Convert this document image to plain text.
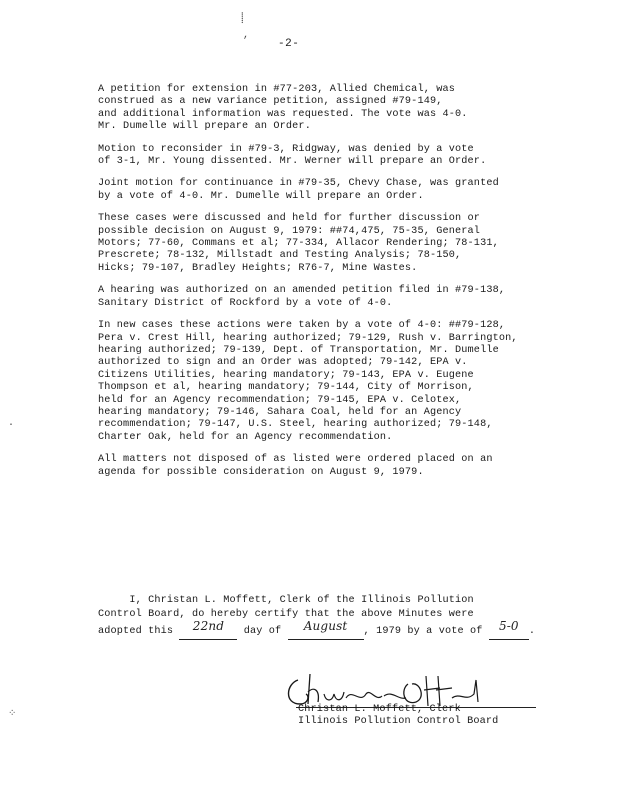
⸽
,
.
⁘
-2-

A petition for extension in #77-203, Allied Chemical, was
construed as a new variance petition, assigned #79-149,
and additional information was requested. The vote was 4-0.
Mr. Dumelle will prepare an Order.

Motion to reconsider in #79-3, Ridgway, was denied by a vote
of 3-1, Mr. Young dissented. Mr. Werner will prepare an Order.

Joint motion for continuance in #79-35, Chevy Chase, was granted
by a vote of 4-0. Mr. Dumelle will prepare an Order.

These cases were discussed and held for further discussion or
possible decision on August 9, 1979: ##74,475, 75-35, General
Motors; 77-60, Commans et al; 77-334, Allacor Rendering; 78-131,
Prescrete; 78-132, Millstadt and Testing Analysis; 78-150,
Hicks; 79-107, Bradley Heights; R76-7, Mine Wastes.

A hearing was authorized on an amended petition filed in #79-138,
Sanitary District of Rockford by a vote of 4-0.

In new cases these actions were taken by a vote of 4-0: ##79-128,
Pera v. Crest Hill, hearing authorized; 79-129, Rush v. Barrington,
hearing authorized; 79-139, Dept. of Transportation, Mr. Dumelle
authorized to sign and an Order was adopted; 79-142, EPA v.
Citizens Utilities, hearing mandatory; 79-143, EPA v. Eugene
Thompson et al, hearing mandatory; 79-144, City of Morrison,
held for an Agency recommendation; 79-145, EPA v. Celotex,
hearing mandatory; 79-146, Sahara Coal, held for an Agency
recommendation; 79-147, U.S. Steel, hearing authorized; 79-148,
Charter Oak, held for an Agency recommendation.

All matters not disposed of as listed were ordered placed on an
agenda for possible consideration on August 9, 1979.

I, Christan L. Moffett, Clerk of the Illinois Pollution
Control Board, do hereby certify that the above Minutes were
adopted this 22nd day of August , 1979 by a vote of 5-0 .
Christan L. Moffett, Clerk
Illinois Pollution Control Board
